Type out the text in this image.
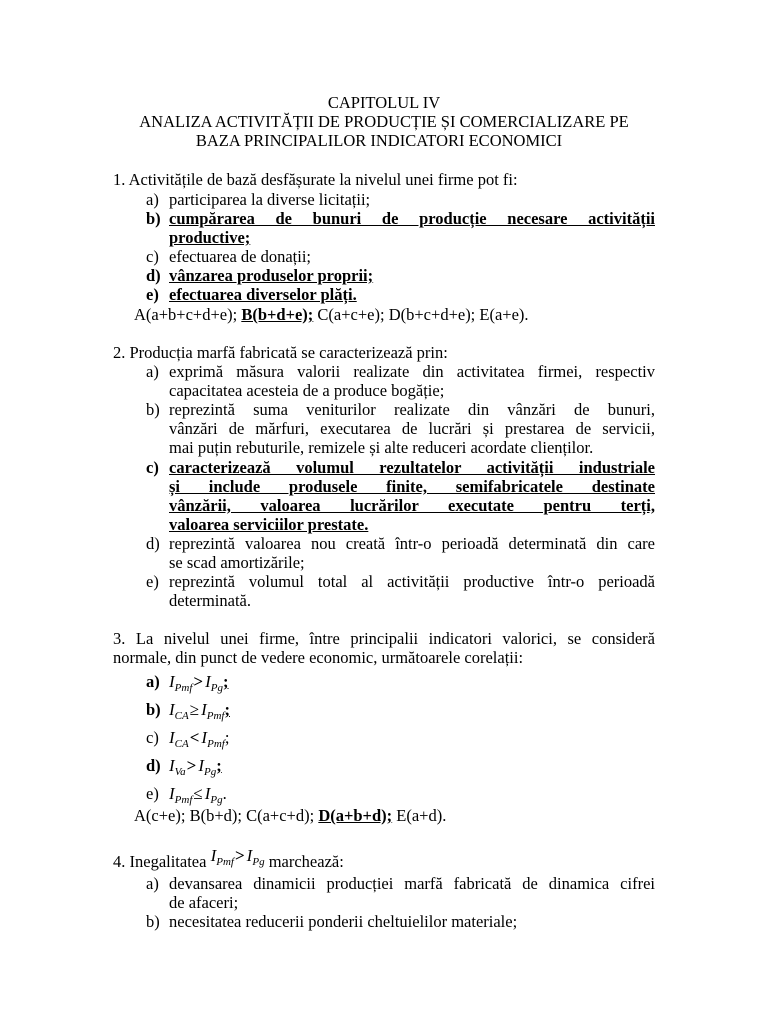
CAPITOLUL IV
ANALIZA ACTIVITĂȚII DE PRODUCȚIE ȘI COMERCIALIZARE PE
BAZA PRINCIPALILOR INDICATORI ECONOMICI
1. Activitățile de bază desfășurate la nivelul unei firme pot fi:
a) participarea la diverse licitații;
b) cumpărarea de bunuri de producție necesare activității
productive;
c) efectuarea de donații;
d) vânzarea produselor proprii;
e) efectuarea diverselor plăți.
A(a+b+c+d+e); B(b+d+e); C(a+c+e); D(b+c+d+e); E(a+e).
2. Producția marfă fabricată se caracterizează prin:
a) exprimă măsura valorii realizate din activitatea firmei, respectiv
capacitatea acesteia de a produce bogăție;
b) reprezintă suma veniturilor realizate din vânzări de bunuri,
vânzări de mărfuri, executarea de lucrări și prestarea de servicii,
mai puțin rebuturile, remizele și alte reduceri acordate clienților.
c) caracterizează volumul rezultatelor activității industriale
și include produsele finite, semifabricatele destinate
vânzării, valoarea lucrărilor executate pentru terți,
valoarea serviciilor prestate.
d) reprezintă valoarea nou creată într-o perioadă determinată din care
se scad amortizările;
e) reprezintă volumul total al activității productive într-o perioadă
determinată.
3. La nivelul unei firme, între principalii indicatori valorici, se consideră
normale, din punct de vedere economic, următoarele corelații:
a) $I_{Pmf}> I_{Pg}$;
b) $I_{CA}\ge I_{Pmf}$;
c) $I_{CA}< I_{Pmf}$;
d) $I_{Va}> I_{Pg}$;
e) $I_{Pmf}\le I_{Pg}$.
A(c+e); B(b+d); C(a+c+d); D(a+b+d); E(a+d).
4. Inegalitatea $I_{Pmf}> I_{Pg}$ marchează:
a) devansarea dinamicii producției marfă fabricată de dinamica cifrei
de afaceri;
b) necesitatea reducerii ponderii cheltuielilor materiale;
